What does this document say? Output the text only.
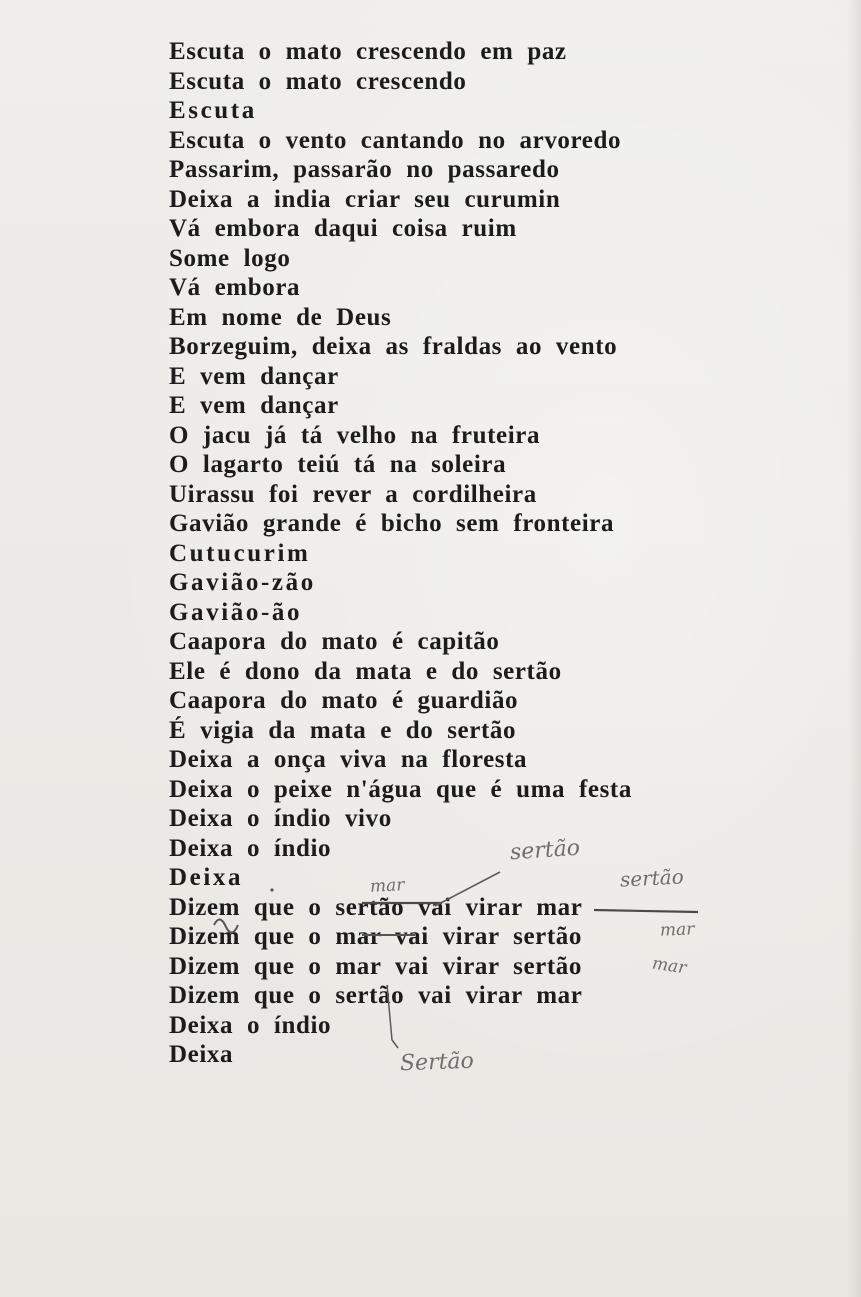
Escuta o mato crescendo em paz
Escuta o mato crescendo
Escuta
Escuta o vento cantando no arvoredo
Passarim, passarão no passaredo
Deixa a india criar seu curumin
Vá embora daqui coisa ruim
Some logo
Vá embora
Em nome de Deus
Borzeguim, deixa as fraldas ao vento
E vem dançar
E vem dançar
O jacu já tá velho na fruteira
O lagarto teiú tá na soleira
Uirassu foi rever a cordilheira
Gavião grande é bicho sem fronteira
Cutucurim
Gavião-zão
Gavião-ão
Caapora do mato é capitão
Ele é dono da mata e do sertão
Caapora do mato é guardião
É vigia da mata e do sertão
Deixa a onça viva na floresta
Deixa o peixe n'água que é uma festa
Deixa o índio vivo
Deixa o índio
Deixa
Dizem que o sertão vai virar mar
Dizem que o mar vai virar sertão
Dizem que o mar vai virar sertão
Dizem que o sertão vai virar mar
Deixa o índio
Deixa
sertão
mar	sertão
mar
mar
Sertão
